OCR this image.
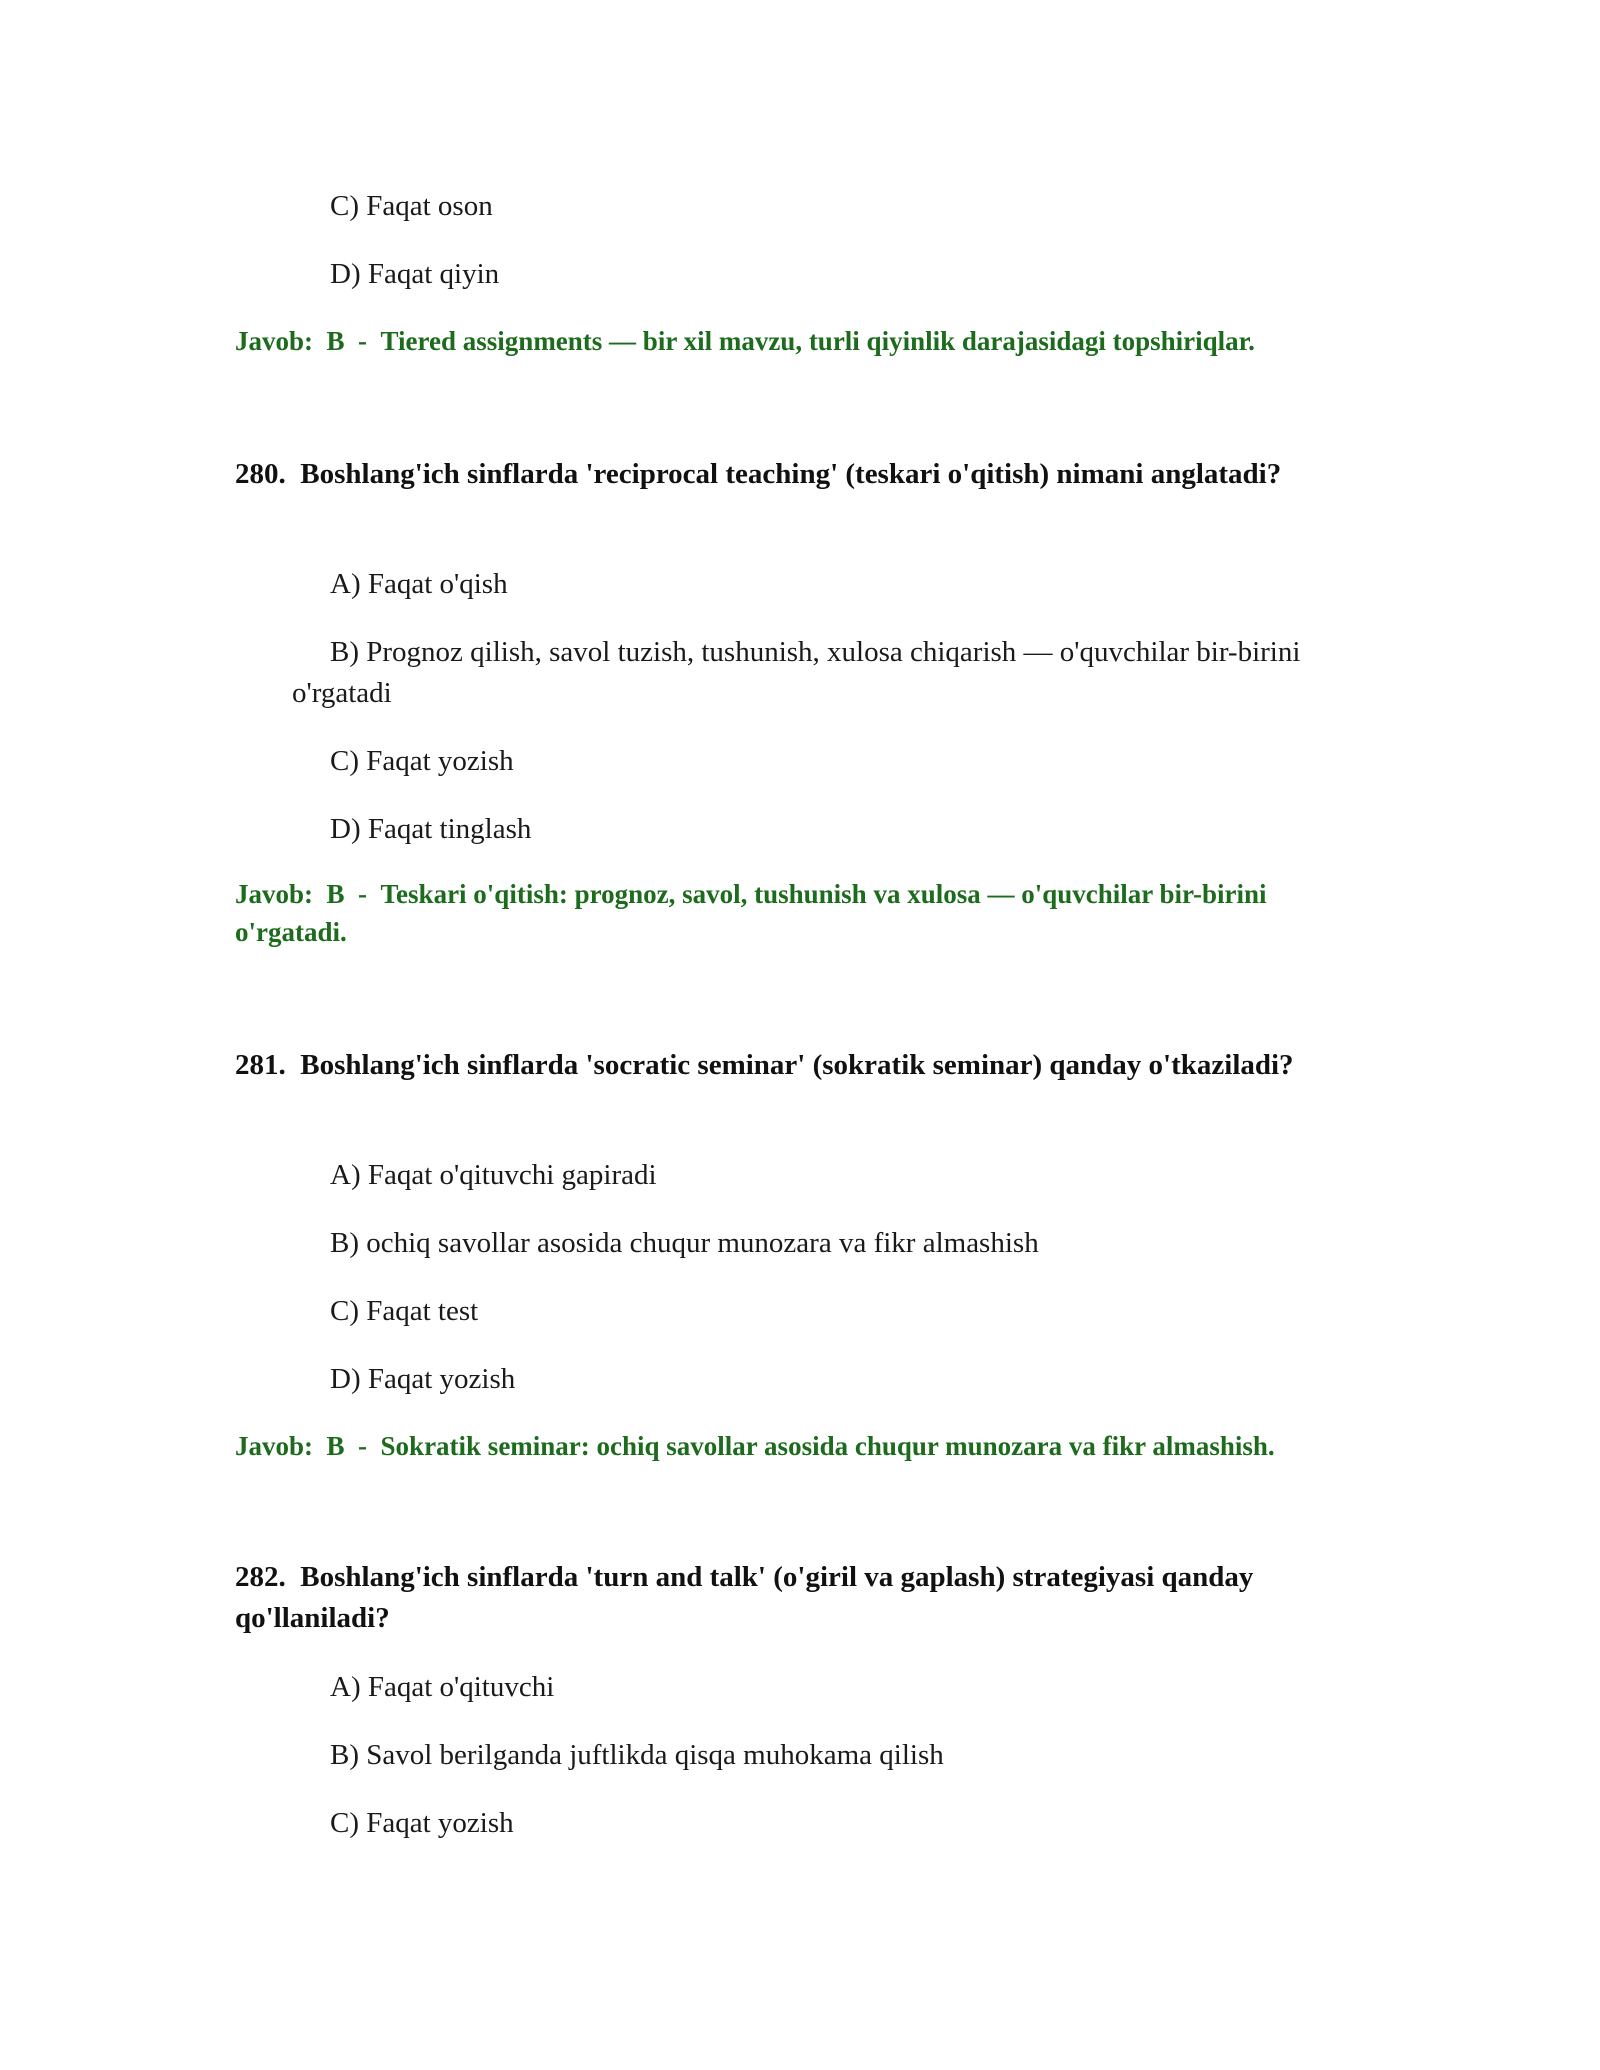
C) Faqat oson
D) Faqat qiyin
Javob: B - Tiered assignments — bir xil mavzu, turli qiyinlik darajasidagi topshiriqlar.
280. Boshlang'ich sinflarda 'reciprocal teaching' (teskari o'qitish) nimani anglatadi?
A) Faqat o'qish
B) Prognoz qilish, savol tuzish, tushunish, xulosa chiqarish — o'quvchilar bir-birini o'rgatadi
C) Faqat yozish
D) Faqat tinglash
Javob: B - Teskari o'qitish: prognoz, savol, tushunish va xulosa — o'quvchilar bir-birini o'rgatadi.
281. Boshlang'ich sinflarda 'socratic seminar' (sokratik seminar) qanday o'tkaziladi?
A) Faqat o'qituvchi gapiradi
B) ochiq savollar asosida chuqur munozara va fikr almashish
C) Faqat test
D) Faqat yozish
Javob: B - Sokratik seminar: ochiq savollar asosida chuqur munozara va fikr almashish.
282. Boshlang'ich sinflarda 'turn and talk' (o'giril va gaplash) strategiyasi qanday qo'llaniladi?
A) Faqat o'qituvchi
B) Savol berilganda juftlikda qisqa muhokama qilish
C) Faqat yozish
